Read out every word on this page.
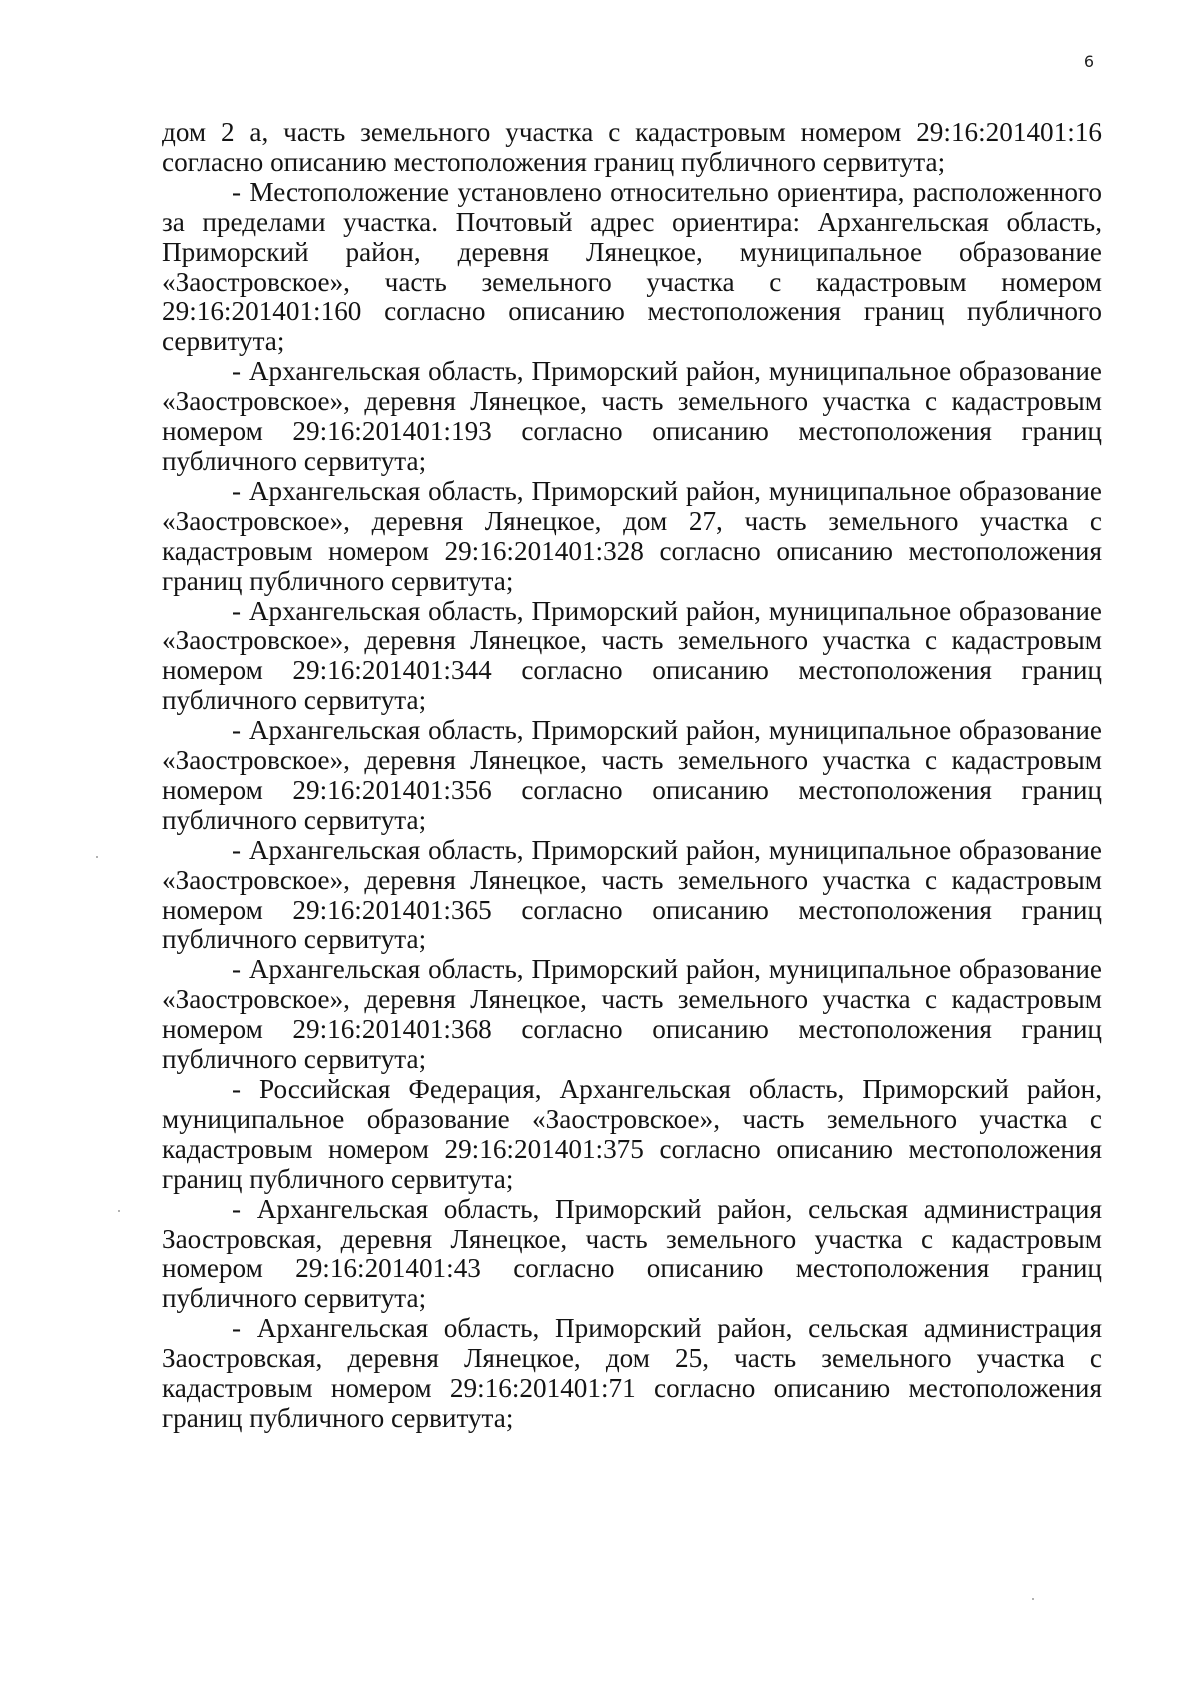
6

дом 2 а, часть земельного участка с кадастровым номером 29:16:201401:16 согласно описанию местоположения границ публичного сервитута;

- Местоположение установлено относительно ориентира, расположенного за пределами участка. Почтовый адрес ориентира: Архангельская область, Приморский район, деревня Лянецкое, муниципальное образование «Заостровское», часть земельного участка с кадастровым номером 29:16:201401:160 согласно описанию местоположения границ публичного сервитута;

- Архангельская область, Приморский район, муниципальное образование «Заостровское», деревня Лянецкое, часть земельного участка с кадастровым номером 29:16:201401:193 согласно описанию местоположения границ публичного сервитута;

- Архангельская область, Приморский район, муниципальное образование «Заостровское», деревня Лянецкое, дом 27, часть земельного участка с кадастровым номером 29:16:201401:328 согласно описанию местоположения границ публичного сервитута;

- Архангельская область, Приморский район, муниципальное образование «Заостровское», деревня Лянецкое, часть земельного участка с кадастровым номером 29:16:201401:344 согласно описанию местоположения границ публичного сервитута;

- Архангельская область, Приморский район, муниципальное образование «Заостровское», деревня Лянецкое, часть земельного участка с кадастровым номером 29:16:201401:356 согласно описанию местоположения границ публичного сервитута;

- Архангельская область, Приморский район, муниципальное образование «Заостровское», деревня Лянецкое, часть земельного участка с кадастровым номером 29:16:201401:365 согласно описанию местоположения границ публичного сервитута;

- Архангельская область, Приморский район, муниципальное образование «Заостровское», деревня Лянецкое, часть земельного участка с кадастровым номером 29:16:201401:368 согласно описанию местоположения границ публичного сервитута;

- Российская Федерация, Архангельская область, Приморский район, муниципальное образование «Заостровское», часть земельного участка с кадастровым номером 29:16:201401:375 согласно описанию местоположения границ публичного сервитута;

- Архангельская область, Приморский район, сельская администрация Заостровская, деревня Лянецкое, часть земельного участка с кадастровым номером 29:16:201401:43 согласно описанию местоположения границ публичного сервитута;

- Архангельская область, Приморский район, сельская администрация Заостровская, деревня Лянецкое, дом 25, часть земельного участка с кадастровым номером 29:16:201401:71 согласно описанию местоположения границ публичного сервитута;
